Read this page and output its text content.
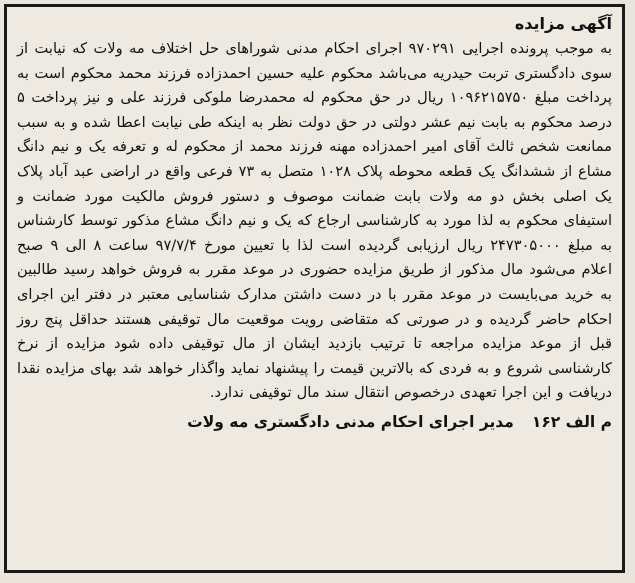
آگهی مزایده

به موجب پرونده اجرایی ۹۷۰۲۹۱ اجرای احکام مدنی شوراهای حل اختلاف مه ولات که نیابت از سوی دادگستری تربت حیدریه می‌باشد محکوم علیه حسین احمدزاده فرزند محمد محکوم است به پرداخت مبلغ ۱۰۹۶۲۱۵۷۵۰ ریال در حق محکوم له محمدرضا ملوکی فرزند علی و نیز پرداخت ۵ درصد محکوم به بابت نیم عشر دولتی در حق دولت نظر به اینکه طی نیابت اعطا شده و به سبب ممانعت شخص ثالث آقای امیر احمدزاده مهنه فرزند محمد از محکوم له و تعرفه یک و نیم دانگ مشاع از ششدانگ یک قطعه محوطه پلاک ۱۰۲۸ متصل به ۷۳ فرعی واقع در اراضی عبد آباد پلاک یک اصلی بخش دو مه ولات بابت ضمانت موصوف و دستور فروش مالکیت مورد ضمانت و استیفای محکوم به لذا مورد به کارشناسی ارجاع که یک و نیم دانگ مشاع مذکور توسط کارشناس به مبلغ ۲۴۷۳۰۵۰۰۰ ریال ارزیابی گردیده است لذا با تعیین مورخ ۹۷/۷/۴ ساعت ۸ الی ۹ صبح اعلام می‌شود مال مذکور از طریق مزایده حضوری در موعد مقرر به فروش خواهد رسید طالبین به خرید می‌بایست در موعد مقرر با در دست داشتن مدارک شناسایی معتبر در دفتر این اجرای احکام حاضر گردیده و در صورتی که متقاضی رویت موقعیت مال توقیفی هستند حداقل پنج روز قبل از موعد مزایده مراجعه تا ترتیب بازدید ایشان از مال توقیفی داده شود مزایده از نرخ کارشناسی شروع و به فردی که بالاترین قیمت را پیشنهاد نماید واگذار خواهد شد بهای مزایده نقدا دریافت و این اجرا تعهدی درخصوص انتقال سند مال توقیفی ندارد.

م الف ۱۶۲
مدیر اجرای احکام مدنی دادگستری مه ولات
